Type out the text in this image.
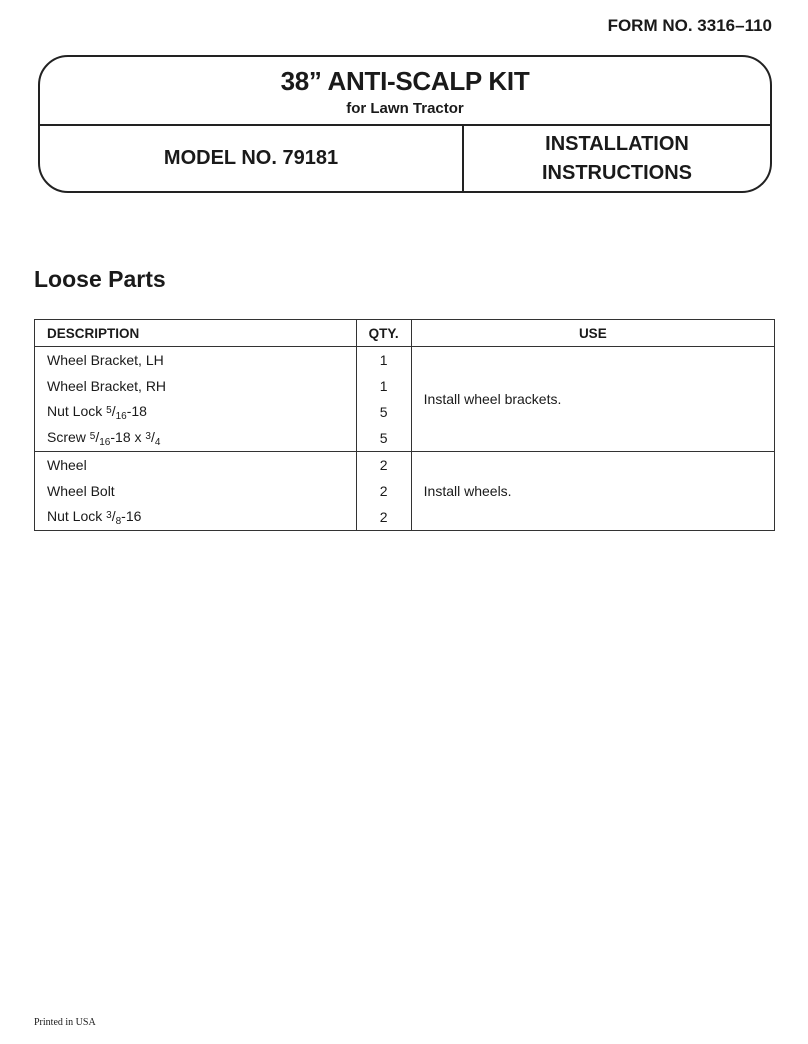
FORM NO. 3316–110
38” ANTI-SCALP KIT
for Lawn Tractor
MODEL NO. 79181
INSTALLATION
INSTRUCTIONS
Loose Parts
DESCRIPTION	QTY.	USE
Wheel Bracket, LH	1	Install wheel brackets.
Wheel Bracket, RH	1	
Nut Lock $^5/_{16}-18$	5	
Screw $^5/_{16}-18$ x $^3/_4$	5	
Wheel	2	Install wheels.
Wheel Bolt	2	
Nut Lock $^3/_8-16$	2	
Printed in USA
